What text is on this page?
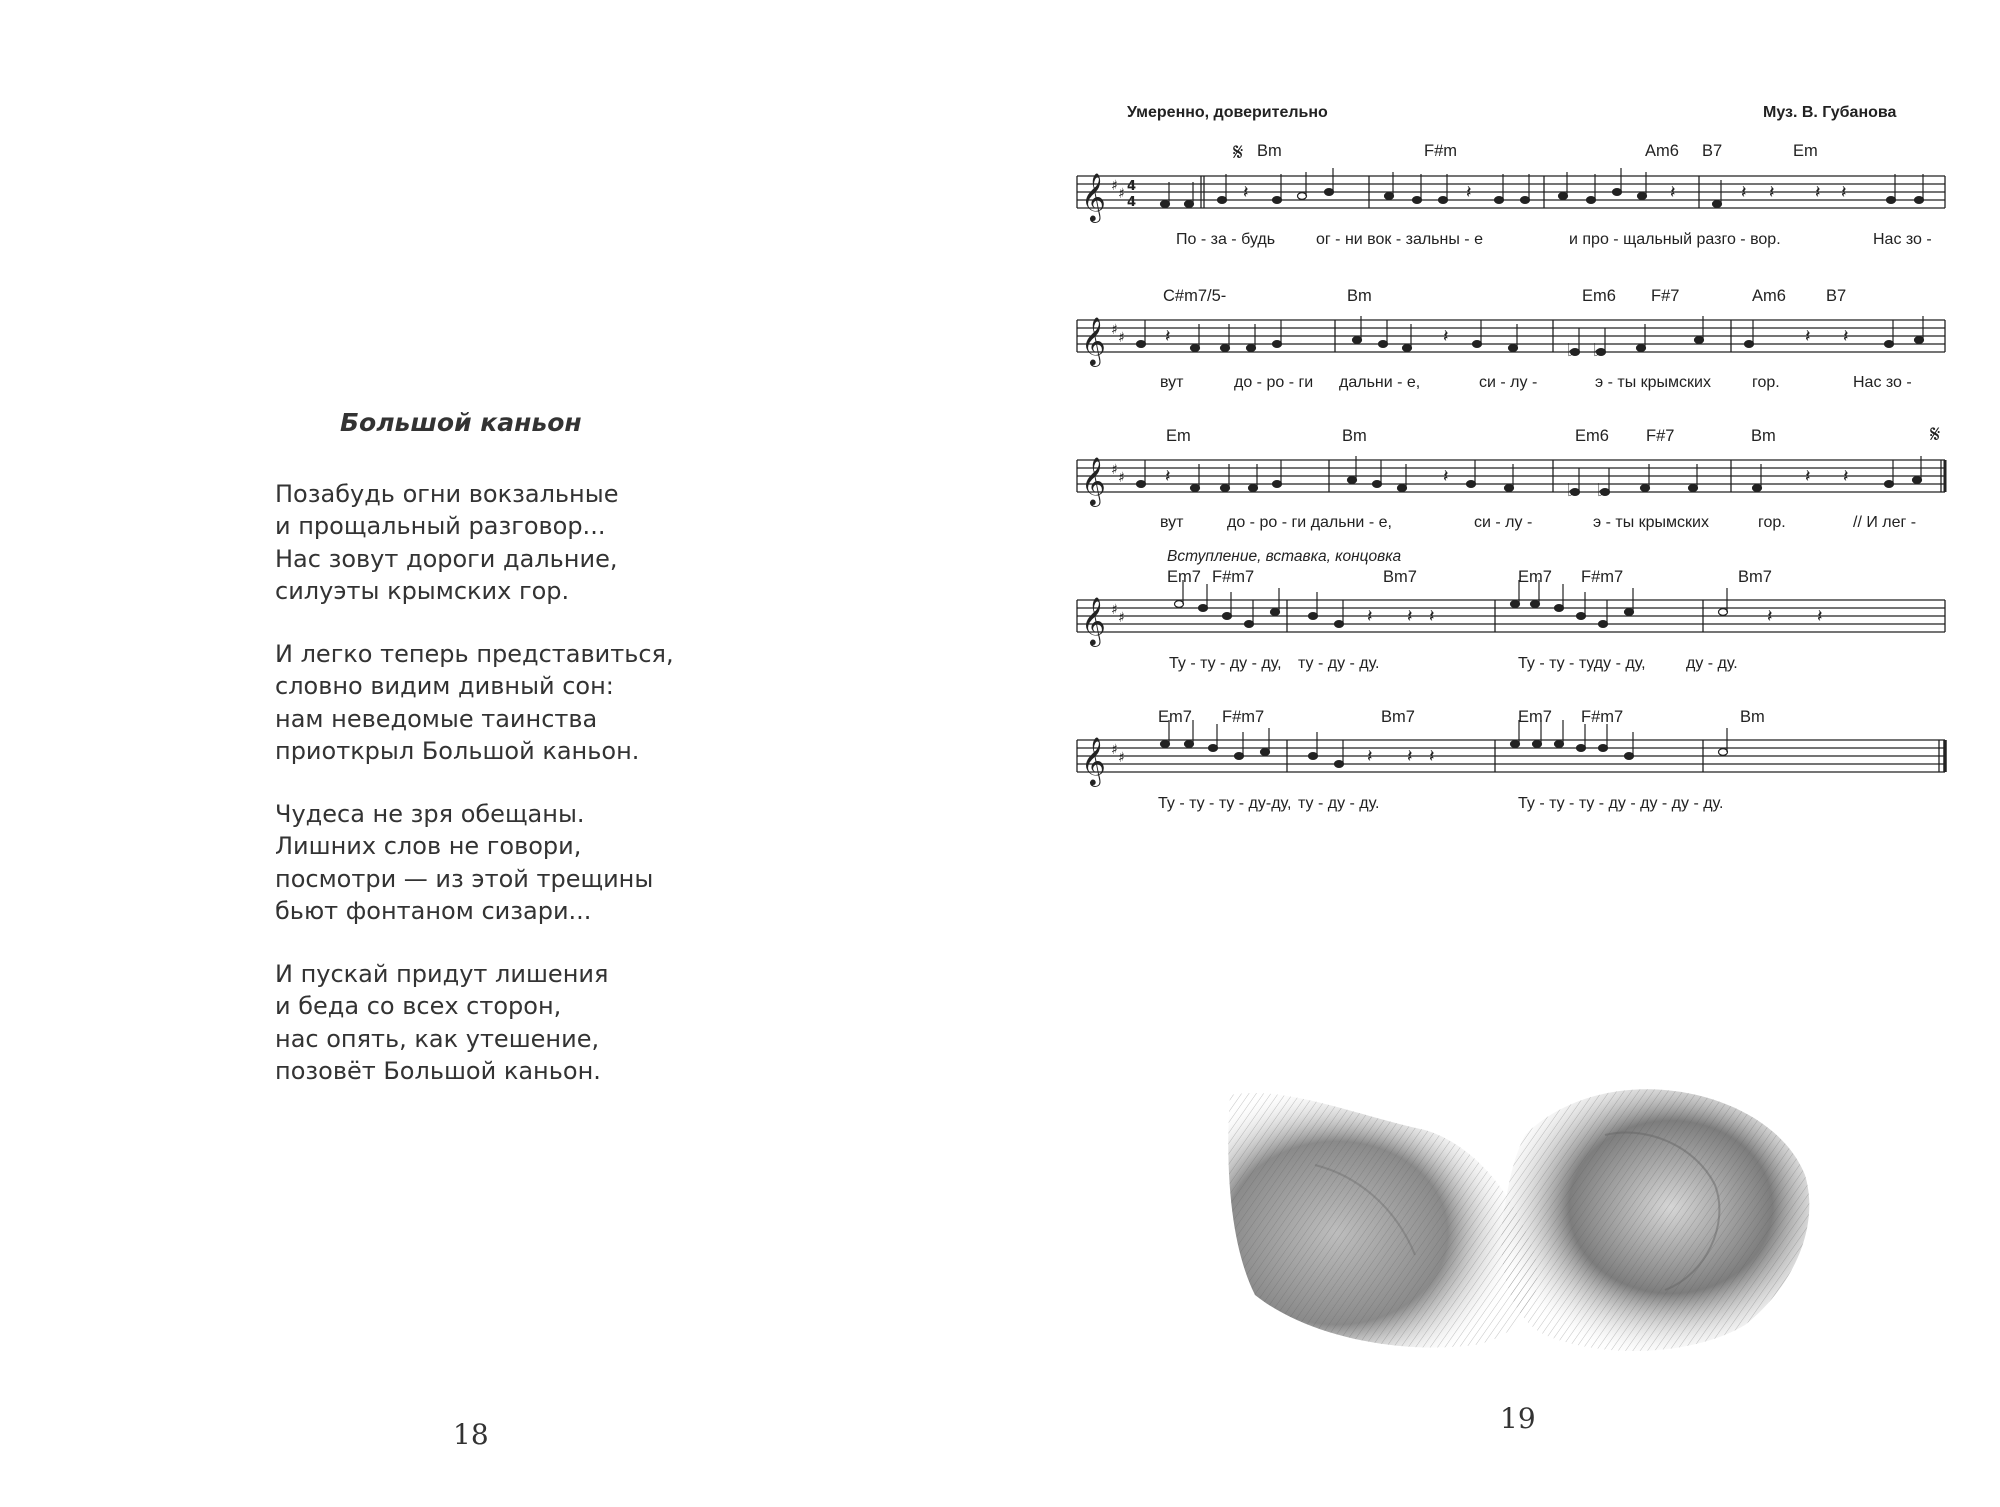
Большой каньон
Позабудь огни вокзальные
и прощальный разговор...
Нас зовут дороги дальние,
силуэты крымских гор.
И легко теперь представиться,
словно видим дивный сон:
нам неведомые таинства
приоткрыл Большой каньон.
Чудеса не зря обещаны.
Лишних слов не говори,
посмотри — из этой трещины
бьют фонтаном сизари...
И пускай придут лишения
и беда со всех сторон,
нас опять, как утешение,
позовёт Большой каньон.
18	19
Умеренно, доверительно	Муз. В. Губанова
𝄋 Bm	F#m	Am6 B7	Em
𝄞 ♯ ♯ 4
4	𝄽	𝄽	𝄽	𝄽 𝄽 𝄽 𝄽
По - за - будь	ог - ни вок - зальны - е	и про - щальный разго - вор.	Нас зо -
C#m7/5-	Bm	Em6 F#7	Am6 B7
𝄞 ♯ ♯
♭ ♭
𝄽	𝄽	𝄽 𝄽
вут	до - ро - ги дальни - е,	си - лу -	э - ты крымских	гор.	Нас зо -
Em	Bm	Em6 F#7	Bm	𝄋
𝄞 ♯ ♯
♭ ♭
𝄽	𝄽	𝄽 𝄽
вут	до - ро - ги дальни - е,	си - лу -	э - ты крымских	гор.	// И лег -
Вступление, вставка, концовка
Em7 F#m7	Bm7	Em7 F#m7	Bm7
𝄞 ♯ ♯	𝄽 𝄽 𝄽	𝄽 𝄽
Ту - ту - ду - ду, ту - ду - ду.	Ту - ту - туду - ду,	ду - ду.
Em7 F#m7	Bm7	Em7 F#m7	Bm
𝄞 ♯ ♯	𝄽 𝄽 𝄽
Ту - ту - ту - ду-ду, ту - ду - ду.	Ту - ту - ту - ду - ду - ду - ду.
